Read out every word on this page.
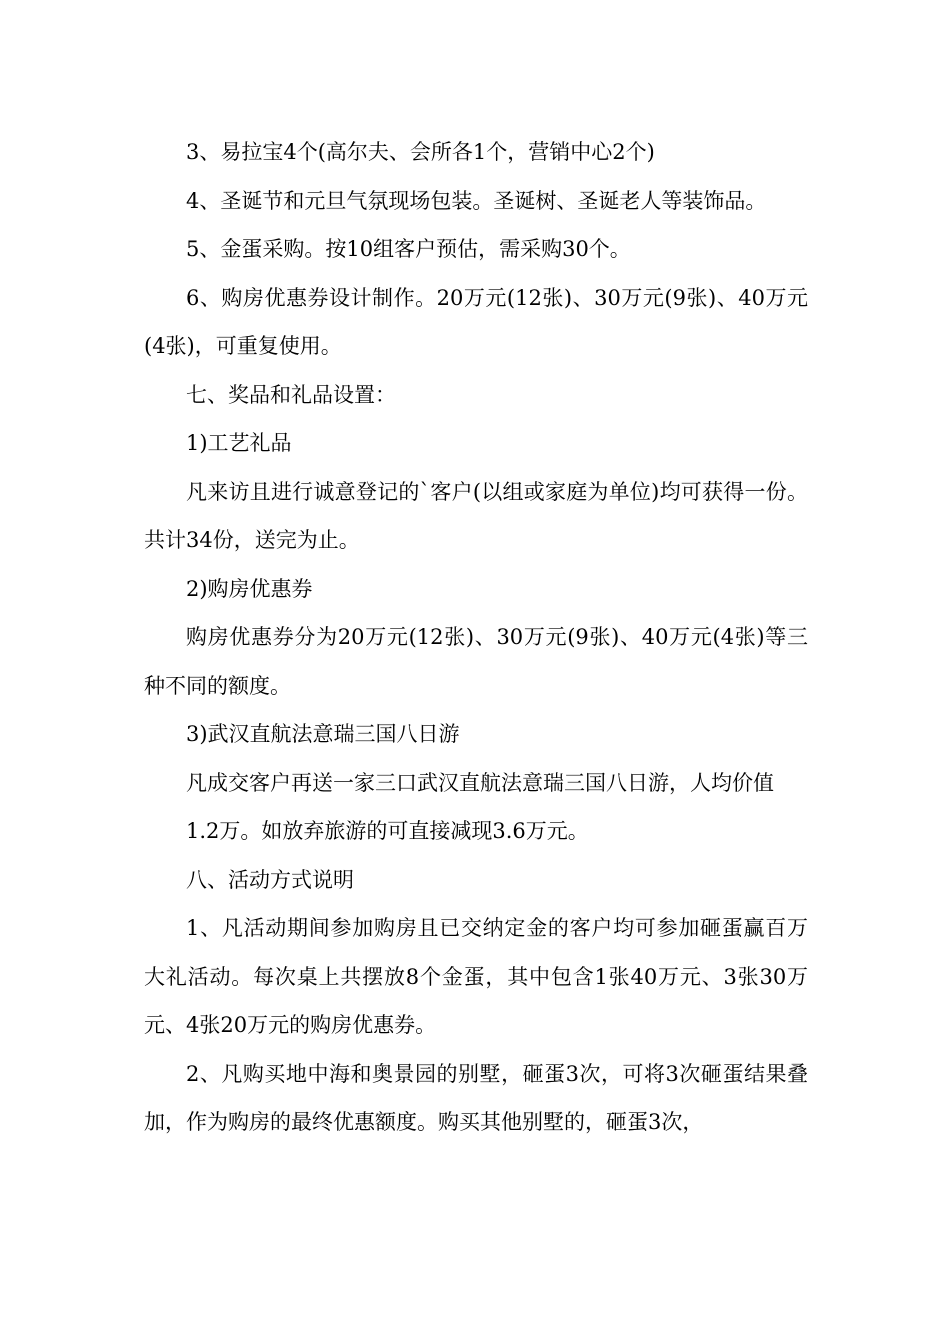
3、易拉宝4个(高尔夫、会所各1个，营销中心2个)

4、圣诞节和元旦气氛现场包装。圣诞树、圣诞老人等装饰品。

5、金蛋采购。按10组客户预估，需采购30个。

6、购房优惠券设计制作。20万元(12张)、30万元(9张)、40万元(4张)，可重复使用。

七、奖品和礼品设置：

1)工艺礼品

凡来访且进行诚意登记的`客户(以组或家庭为单位)均可获得一份。共计34份，送完为止。

2)购房优惠券

购房优惠券分为20万元(12张)、30万元(9张)、40万元(4张)等三种不同的额度。

3)武汉直航法意瑞三国八日游

凡成交客户再送一家三口武汉直航法意瑞三国八日游，人均价值

1.2万。如放弃旅游的可直接减现3.6万元。

八、活动方式说明

1、凡活动期间参加购房且已交纳定金的客户均可参加砸蛋赢百万大礼活动。每次桌上共摆放8个金蛋，其中包含1张40万元、3张30万元、4张20万元的购房优惠券。

2、凡购买地中海和奥景园的别墅，砸蛋3次，可将3次砸蛋结果叠加，作为购房的最终优惠额度。购买其他别墅的，砸蛋3次，
